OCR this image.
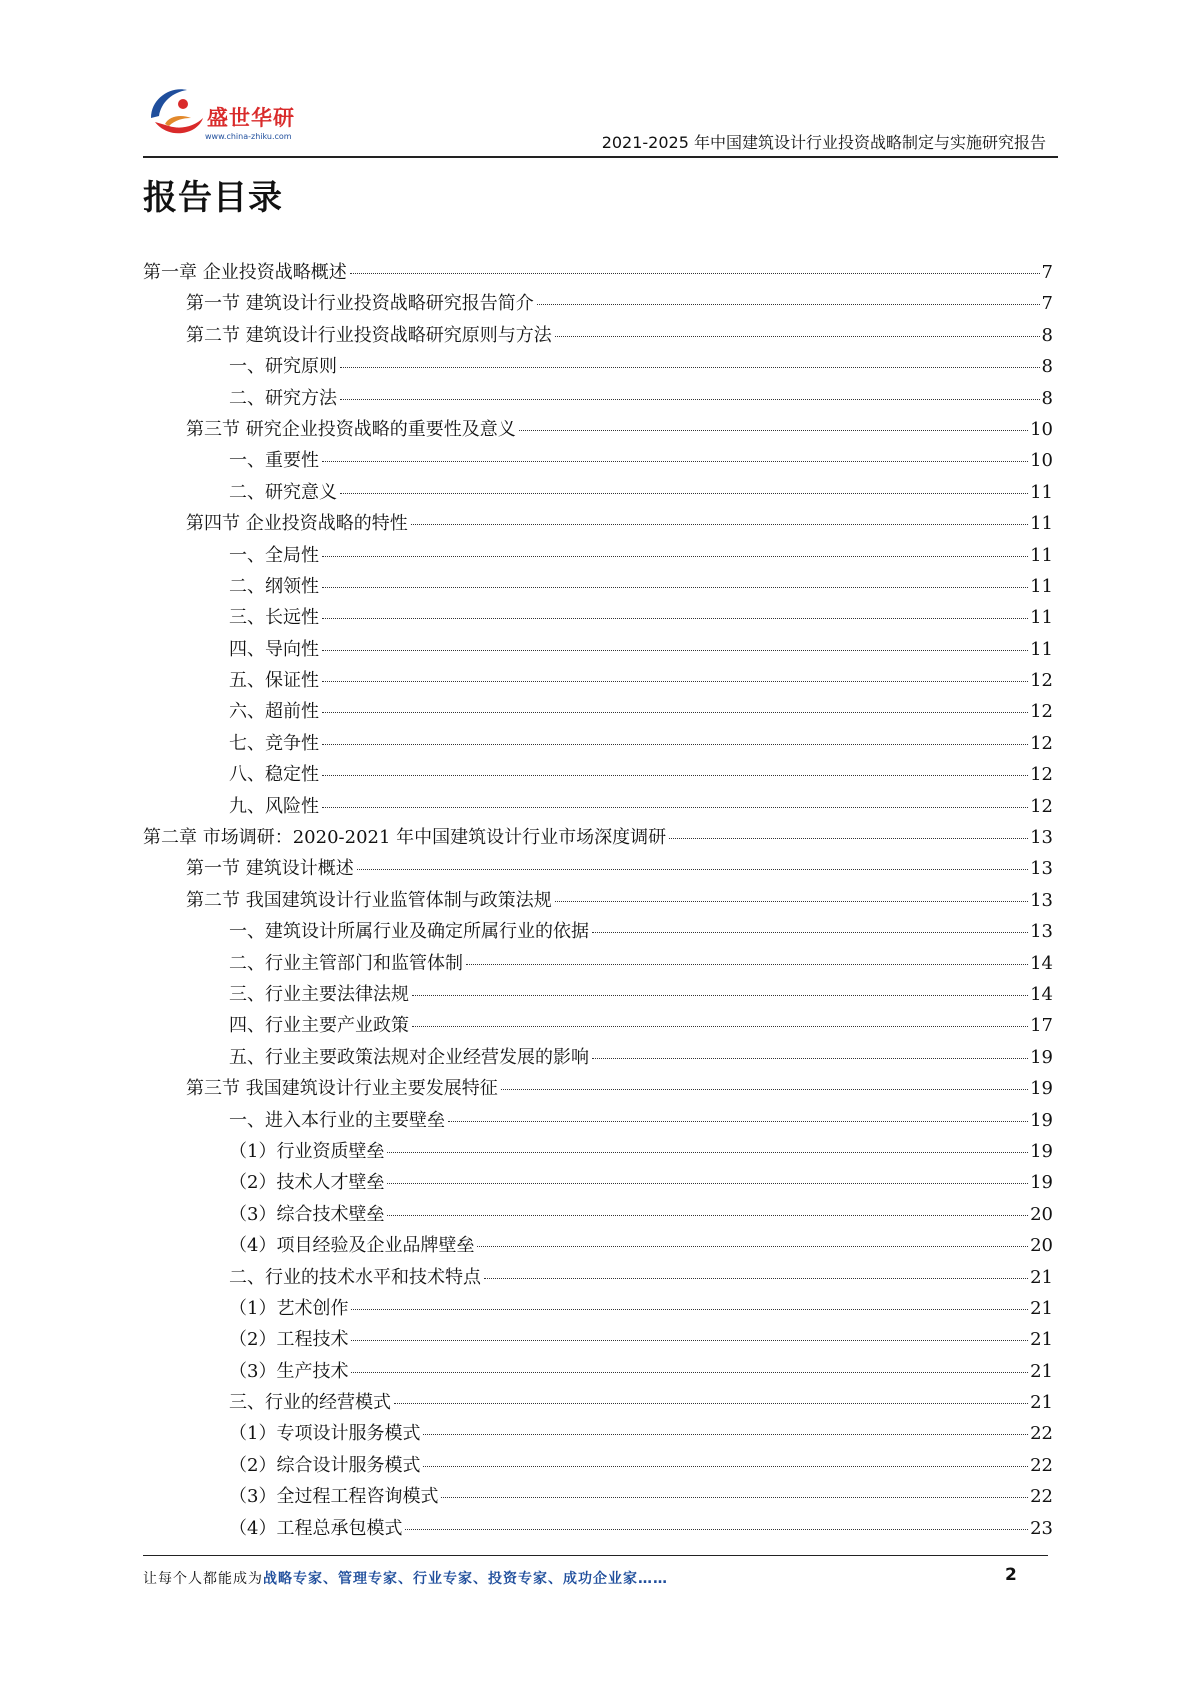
盛世华研
www.china-zhiku.com	2021-2025 年中国建筑设计行业投资战略制定与实施研究报告
报告目录
第一章 企业投资战略概述	7
第一节 建筑设计行业投资战略研究报告简介	7
第二节 建筑设计行业投资战略研究原则与方法	8
一、研究原则	8
二、研究方法	8
第三节 研究企业投资战略的重要性及意义	10
一、重要性	10
二、研究意义	11
第四节 企业投资战略的特性	11
一、全局性	11
二、纲领性	11
三、长远性	11
四、导向性	11
五、保证性	12
六、超前性	12
七、竞争性	12
八、稳定性	12
九、风险性	12
第二章 市场调研：2020-2021 年中国建筑设计行业市场深度调研	13
第一节 建筑设计概述	13
第二节 我国建筑设计行业监管体制与政策法规	13
一、建筑设计所属行业及确定所属行业的依据	13
二、行业主管部门和监管体制	14
三、行业主要法律法规	14
四、行业主要产业政策	17
五、行业主要政策法规对企业经营发展的影响	19
第三节 我国建筑设计行业主要发展特征	19
一、进入本行业的主要壁垒	19
（1）行业资质壁垒	19
（2）技术人才壁垒	19
（3）综合技术壁垒	20
（4）项目经验及企业品牌壁垒	20
二、行业的技术水平和技术特点	21
（1）艺术创作	21
（2）工程技术	21
（3）生产技术	21
三、行业的经营模式	21
（1）专项设计服务模式	22
（2）综合设计服务模式	22
（3）全过程工程咨询模式	22
（4）工程总承包模式	23
让每个人都能成为战略专家、管理专家、行业专家、投资专家、成功企业家……	2
